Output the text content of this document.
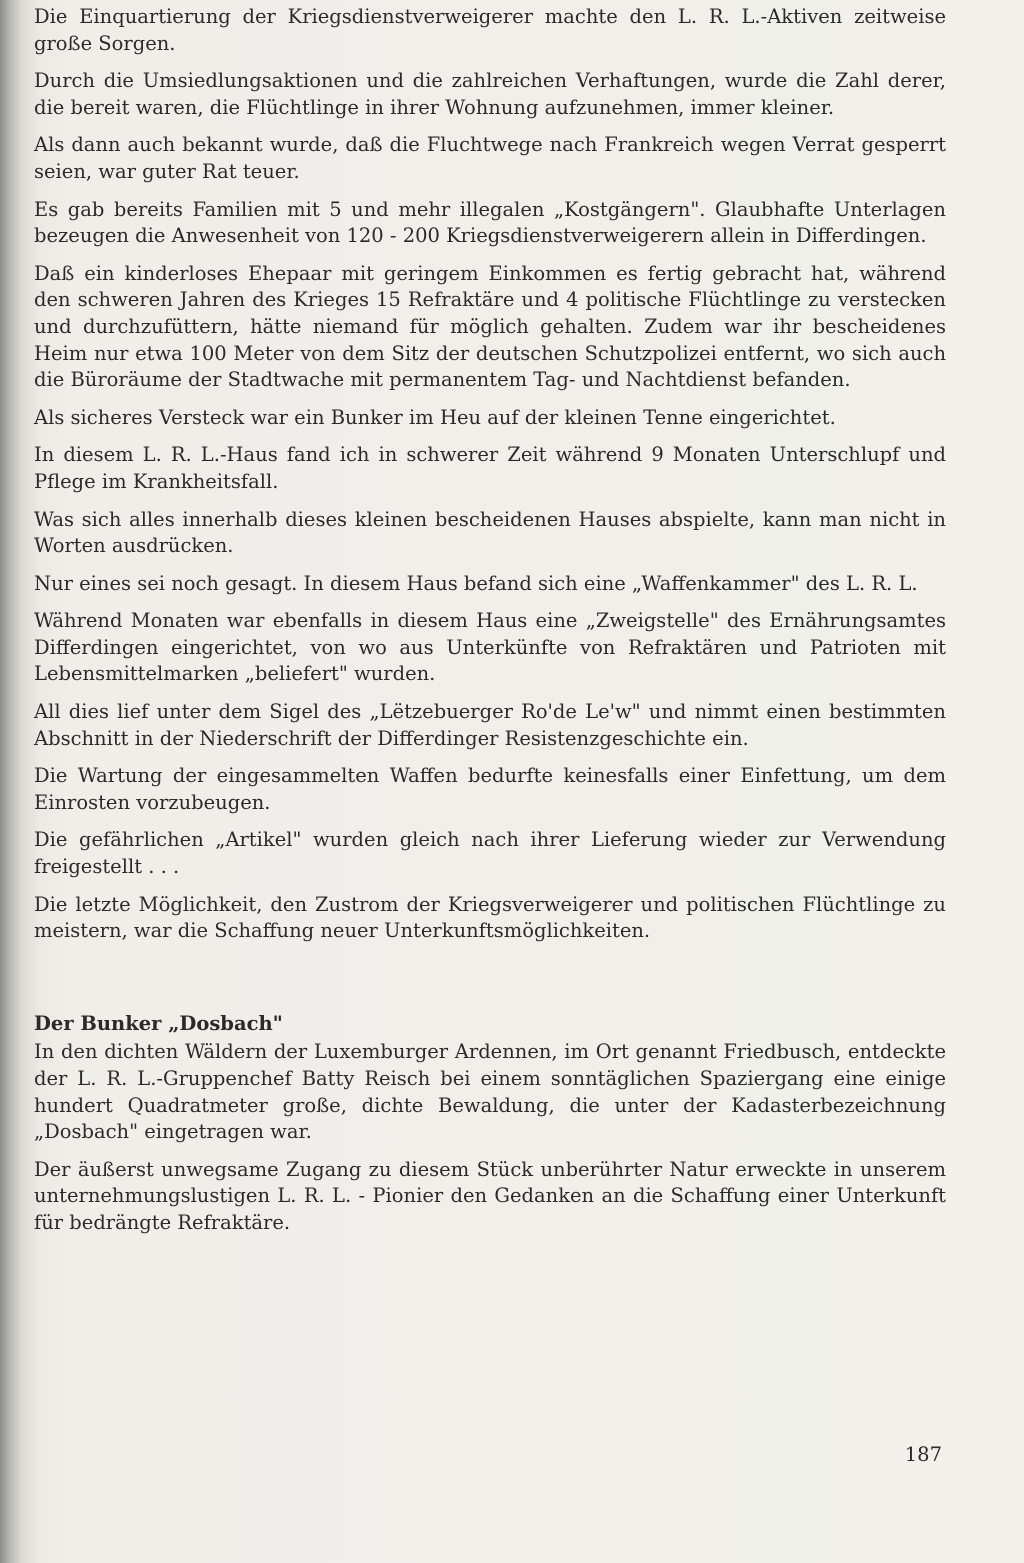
Die Einquartierung der Kriegsdienstverweigerer machte den L. R. L.-Aktiven zeitweise große Sorgen.

Durch die Umsiedlungsaktionen und die zahlreichen Verhaftungen, wurde die Zahl derer, die bereit waren, die Flüchtlinge in ihrer Wohnung aufzunehmen, immer kleiner.

Als dann auch bekannt wurde, daß die Fluchtwege nach Frankreich wegen Verrat gesperrt seien, war guter Rat teuer.

Es gab bereits Familien mit 5 und mehr illegalen „Kostgängern". Glaubhafte Unterlagen bezeugen die Anwesenheit von 120 - 200 Kriegsdienstverweigerern allein in Differdingen.

Daß ein kinderloses Ehepaar mit geringem Einkommen es fertig gebracht hat, während den schweren Jahren des Krieges 15 Refraktäre und 4 politische Flüchtlinge zu verstecken und durchzufüttern, hätte niemand für möglich gehalten. Zudem war ihr bescheidenes Heim nur etwa 100 Meter von dem Sitz der deutschen Schutzpolizei entfernt, wo sich auch die Büroräume der Stadtwache mit permanentem Tag- und Nachtdienst befanden.

Als sicheres Versteck war ein Bunker im Heu auf der kleinen Tenne eingerichtet.

In diesem L. R. L.-Haus fand ich in schwerer Zeit während 9 Monaten Unterschlupf und Pflege im Krankheitsfall.

Was sich alles innerhalb dieses kleinen bescheidenen Hauses abspielte, kann man nicht in Worten ausdrücken.

Nur eines sei noch gesagt. In diesem Haus befand sich eine „Waffenkammer" des L. R. L.

Während Monaten war ebenfalls in diesem Haus eine „Zweigstelle" des Ernährungsamtes Differdingen eingerichtet, von wo aus Unterkünfte von Refraktären und Patrioten mit Lebensmittelmarken „beliefert" wurden.

All dies lief unter dem Sigel des „Lëtzebuerger Ro'de Le'w" und nimmt einen bestimmten Abschnitt in der Niederschrift der Differdinger Resistenzgeschichte ein.

Die Wartung der eingesammelten Waffen bedurfte keinesfalls einer Einfettung, um dem Einrosten vorzubeugen.

Die gefährlichen „Artikel" wurden gleich nach ihrer Lieferung wieder zur Verwendung freigestellt . . .

Die letzte Möglichkeit, den Zustrom der Kriegsverweigerer und politischen Flüchtlinge zu meistern, war die Schaffung neuer Unterkunftsmöglichkeiten.

Der Bunker „Dosbach"

In den dichten Wäldern der Luxemburger Ardennen, im Ort genannt Friedbusch, entdeckte der L. R. L.-Gruppenchef Batty Reisch bei einem sonntäglichen Spaziergang eine einige hundert Quadratmeter große, dichte Bewaldung, die unter der Kadasterbezeichnung „Dosbach" eingetragen war.

Der äußerst unwegsame Zugang zu diesem Stück unberührter Natur erweckte in unserem unternehmungslustigen L. R. L. - Pionier den Gedanken an die Schaffung einer Unterkunft für bedrängte Refraktäre.

187
